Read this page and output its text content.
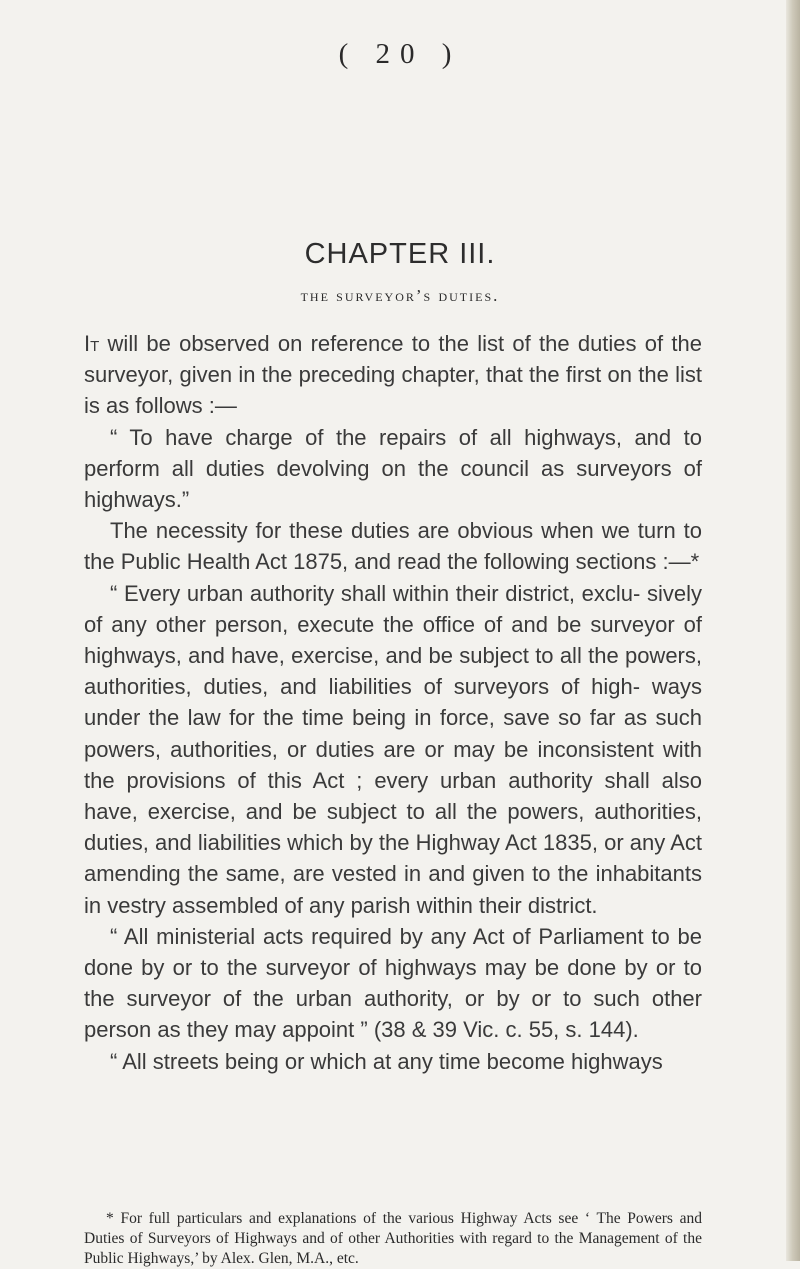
( 20 )
CHAPTER III.
the surveyor’s duties.

It will be observed on reference to the list of the duties of the surveyor, given in the preceding chapter, that the first on the list is as follows :—

“ To have charge of the repairs of all highways, and to perform all duties devolving on the council as surveyors of highways.”

The necessity for these duties are obvious when we turn to the Public Health Act 1875, and read the following sections :—*

“ Every urban authority shall within their district, exclu- sively of any other person, execute the office of and be surveyor of highways, and have, exercise, and be subject to all the powers, authorities, duties, and liabilities of surveyors of high- ways under the law for the time being in force, save so far as such powers, authorities, or duties are or may be inconsistent with the provisions of this Act ; every urban authority shall also have, exercise, and be subject to all the powers, authorities, duties, and liabilities which by the Highway Act 1835, or any Act amending the same, are vested in and given to the inhabitants in vestry assembled of any parish within their district.

“ All ministerial acts required by any Act of Parliament to be done by or to the surveyor of highways may be done by or to the surveyor of the urban authority, or by or to such other person as they may appoint ” (38 & 39 Vic. c. 55, s. 144).

“ All streets being or which at any time become highways

* For full particulars and explanations of the various Highway Acts see ‘ The Powers and Duties of Surveyors of Highways and of other Authorities with regard to the Management of the Public Highways,’ by Alex. Glen, M.A., etc.
